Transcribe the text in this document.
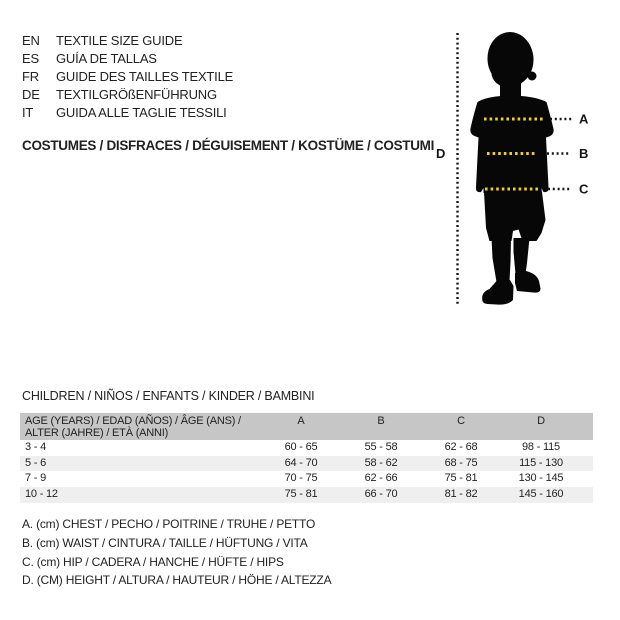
EN	TEXTILE SIZE GUIDE
ES	GUÍA DE TALLAS
FR	GUIDE DES TAILLES TEXTILE
DE	TEXTILGRÖßENFÜHRUNG
IT	GUIDA ALLE TAGLIE TESSILI
COSTUMES / DISFRACES / DÉGUISEMENT / KOSTÜME / COSTUMI
A
B
C
D
CHILDREN / NIÑOS / ENFANTS / KINDER / BAMBINI
AGE (YEARS) / EDAD (AÑOS) / ÂGE (ANS) /
ALTER (JAHRE) / ETÀ (ANNI)
A	B	C	D
3 - 4	60 - 65	55 - 58	62 - 68	98 - 115
5 - 6	64 - 70	58 - 62	68 - 75	115 - 130
7 - 9	70 - 75	62 - 66	75 - 81	130 - 145
10 - 12	75 - 81	66 - 70	81 - 82	145 - 160
A. (cm) CHEST / PECHO / POITRINE / TRUHE / PETTO
B. (cm) WAIST / CINTURA / TAILLE / HÜFTUNG / VITA
C. (cm) HIP / CADERA / HANCHE / HÜFTE / HIPS
D. (CM) HEIGHT / ALTURA / HAUTEUR / HÖHE / ALTEZZA
